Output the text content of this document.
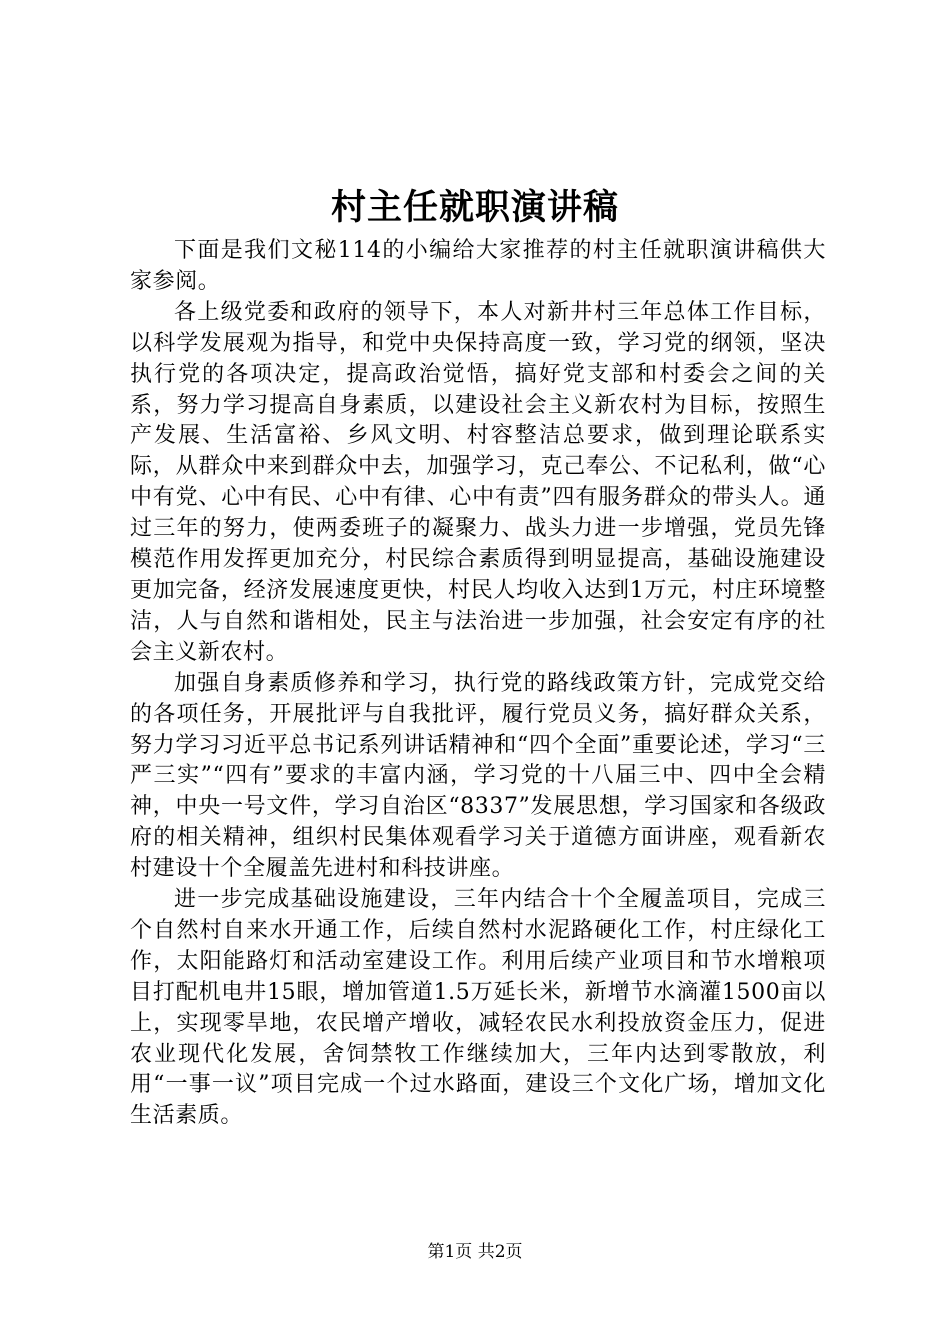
村主任就职演讲稿

下面是我们文秘114的小编给大家推荐的村主任就职演讲稿供大家参阅。

各上级党委和政府的领导下，本人对新井村三年总体工作目标，以科学发展观为指导，和党中央保持高度一致，学习党的纲领，坚决执行党的各项决定，提高政治觉悟，搞好党支部和村委会之间的关系，努力学习提高自身素质，以建设社会主义新农村为目标，按照生产发展、生活富裕、乡风文明、村容整洁总要求，做到理论联系实际，从群众中来到群众中去，加强学习，克己奉公、不记私利，做“心中有党、心中有民、心中有律、心中有责”四有服务群众的带头人。通过三年的努力，使两委班子的凝聚力、战头力进一步增强，党员先锋模范作用发挥更加充分，村民综合素质得到明显提高，基础设施建设更加完备，经济发展速度更快，村民人均收入达到1万元，村庄环境整洁，人与自然和谐相处，民主与法治进一步加强，社会安定有序的社会主义新农村。

加强自身素质修养和学习，执行党的路线政策方针，完成党交给的各项任务，开展批评与自我批评，履行党员义务，搞好群众关系，努力学习习近平总书记系列讲话精神和“四个全面”重要论述，学习“三严三实”“四有”要求的丰富内涵，学习党的十八届三中、四中全会精神，中央一号文件，学习自治区“8337”发展思想，学习国家和各级政府的相关精神，组织村民集体观看学习关于道德方面讲座，观看新农村建设十个全履盖先进村和科技讲座。

进一步完成基础设施建设，三年内结合十个全履盖项目，完成三个自然村自来水开通工作，后续自然村水泥路硬化工作，村庄绿化工作，太阳能路灯和活动室建设工作。利用后续产业项目和节水增粮项目打配机电井15眼，增加管道1.5万延长米，新增节水滴灌1500亩以上，实现零旱地，农民增产增收，减轻农民水利投放资金压力，促进农业现代化发展，舍饲禁牧工作继续加大，三年内达到零散放，利用“一事一议”项目完成一个过水路面，建设三个文化广场，增加文化生活素质。

第1页 共2页
